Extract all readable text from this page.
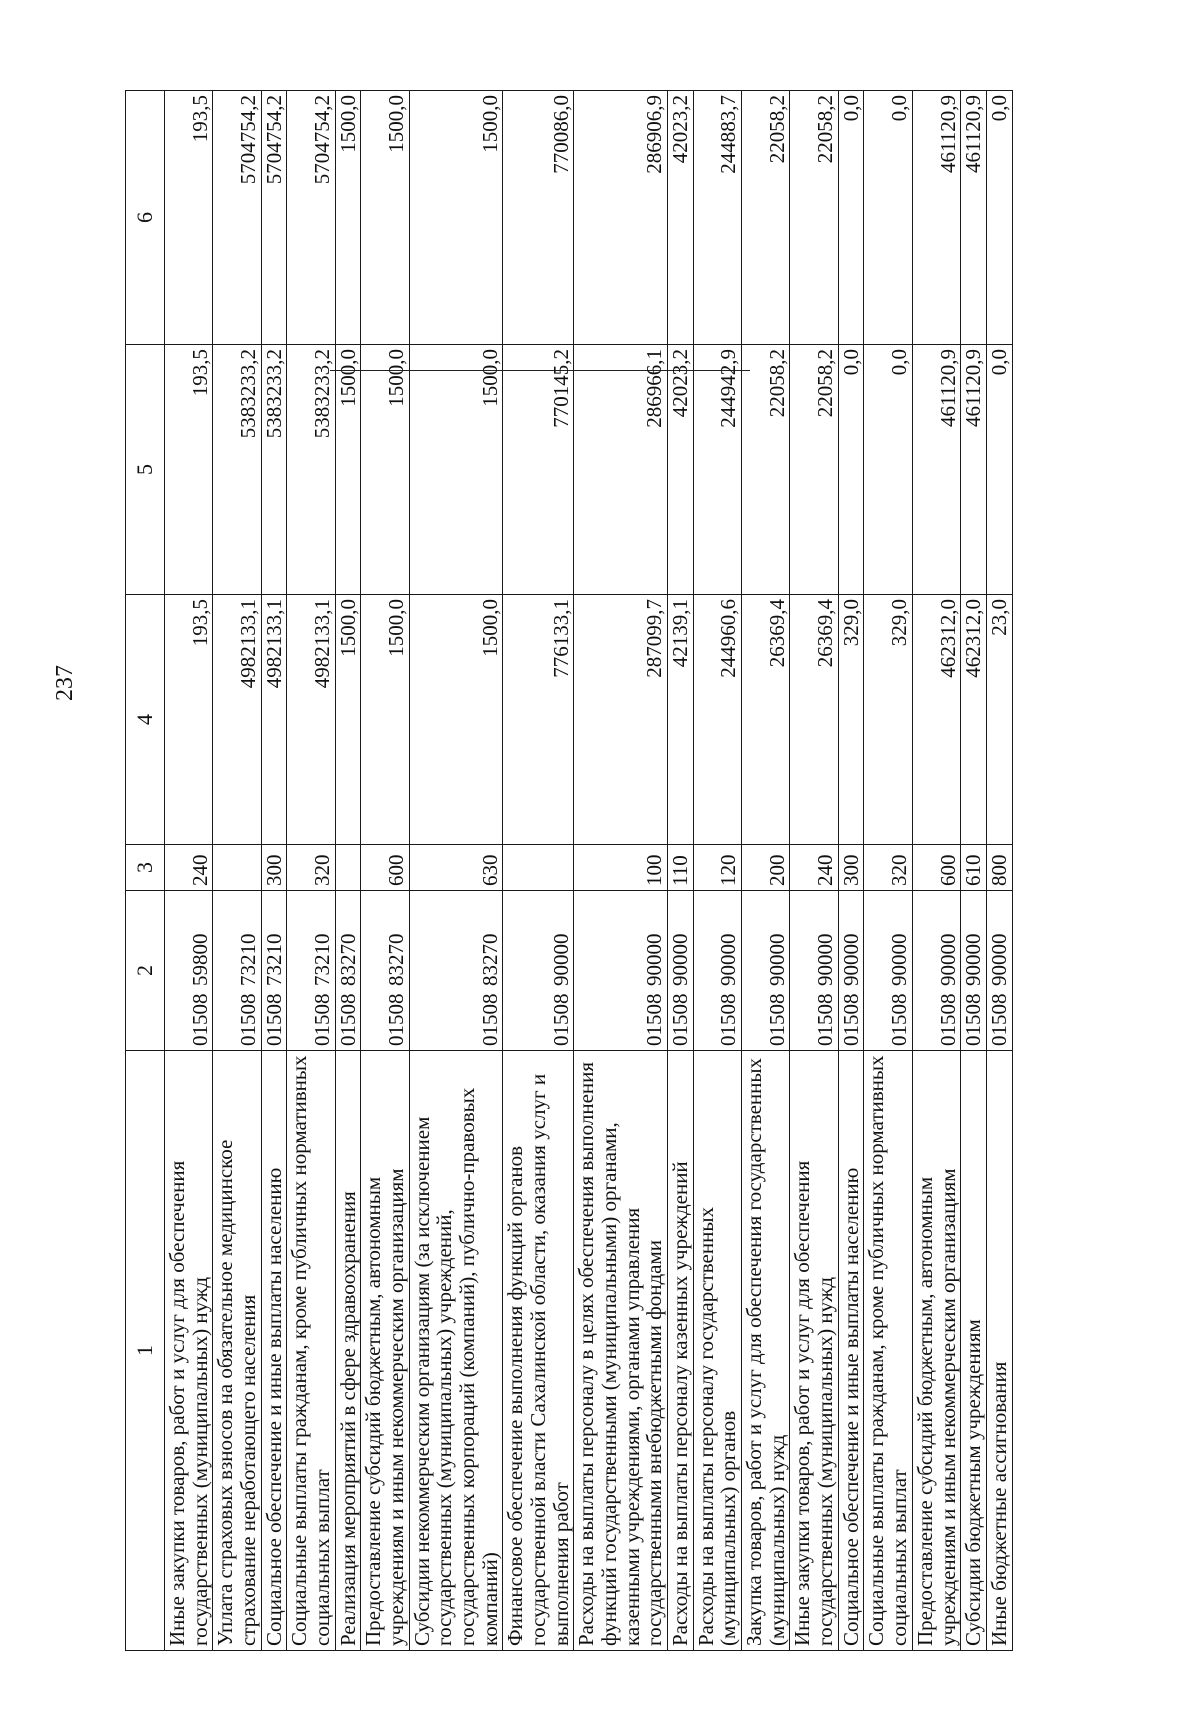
237
1	2	3	4	5	6
Иные закупки товаров, работ и услуг для обеспечения государственных (муниципальных) нужд	0150859800	240	193,5	193,5	193,5
Уплата страховых взносов на обязательное медицинское страхование неработающего населения	0150873210		4982133,1	5383233,2	5704754,2
Социальное обеспечение и иные выплаты населению	0150873210	300	4982133,1	5383233,2	5704754,2
Социальные выплаты гражданам, кроме публичных нормативных социальных выплат	0150873210	320	4982133,1	5383233,2	5704754,2
Реализация мероприятий в сфере здравоохранения	0150883270		1500,0	1500,0	1500,0
Предоставление субсидий бюджетным, автономным учреждениям и иным некоммерческим организациям	0150883270	600	1500,0	1500,0	1500,0
Субсидии некоммерческим организациям (за исключением государственных (муниципальных) учреждений, государственных корпораций (компаний), публично-правовых компаний)	0150883270	630	1500,0	1500,0	1500,0
Финансовое обеспечение выполнения функций органов государственной власти Сахалинской области, оказания услуг и выполнения работ	0150890000		776133,1	770145,2	770086,0
Расходы на выплаты персоналу в целях обеспечения выполнения функций государственными (муниципальными) органами, казенными учреждениями, органами управления государственными внебюджетными фондами	0150890000	100	287099,7	286966,1	286906,9
Расходы на выплаты персоналу казенных учреждений	0150890000	110	42139,1	42023,2	42023,2
Расходы на выплаты персоналу государственных (муниципальных) органов	0150890000	120	244960,6	244942,9	244883,7
Закупка товаров, работ и услуг для обеспечения государственных (муниципальных) нужд	0150890000	200	26369,4	22058,2	22058,2
Иные закупки товаров, работ и услуг для обеспечения государственных (муниципальных) нужд	0150890000	240	26369,4	22058,2	22058,2
Социальное обеспечение и иные выплаты населению	0150890000	300	329,0	0,0	0,0
Социальные выплаты гражданам, кроме публичных нормативных социальных выплат	0150890000	320	329,0	0,0	0,0
Предоставление субсидий бюджетным, автономным учреждениям и иным некоммерческим организациям	0150890000	600	462312,0	461120,9	461120,9
Субсидии бюджетным учреждениям	0150890000	610	462312,0	461120,9	461120,9
Иные бюджетные ассигнования	0150890000	800	23,0	0,0	0,0
